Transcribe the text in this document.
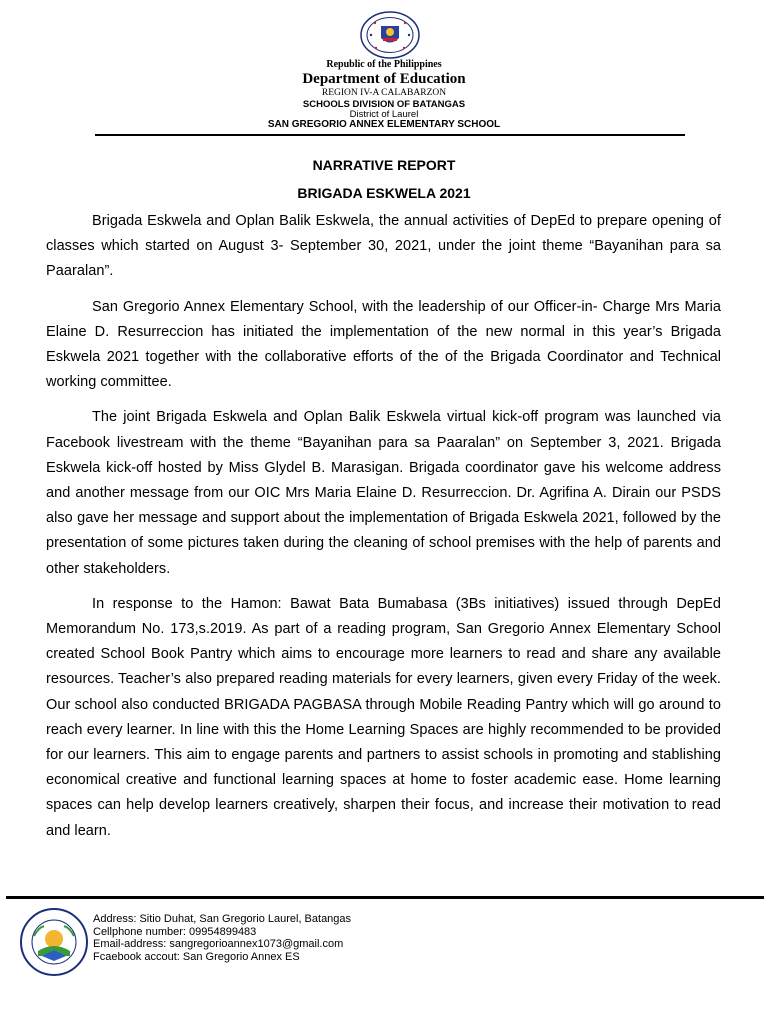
Republic of the Philippines
Department of Education
REGION IV-A CALABARZON
SCHOOLS DIVISION OF BATANGAS
District of Laurel
SAN GREGORIO ANNEX ELEMENTARY SCHOOL
NARRATIVE REPORT
BRIGADA ESKWELA 2021

Brigada Eskwela and Oplan Balik Eskwela, the annual activities of DepEd to prepare opening of classes which started on August 3- September 30, 2021, under the joint theme “Bayanihan para sa Paaralan”.

San Gregorio Annex Elementary School, with the leadership of our Officer-in- Charge Mrs Maria Elaine D. Resurreccion has initiated the implementation of the new normal in this year’s Brigada Eskwela 2021 together with the collaborative efforts of the of the Brigada Coordinator and Technical working committee.

The joint Brigada Eskwela and Oplan Balik Eskwela virtual kick-off program was launched via Facebook livestream with the theme “Bayanihan para sa Paaralan” on September 3, 2021. Brigada Eskwela kick-off hosted by Miss Glydel B. Marasigan. Brigada coordinator gave his welcome address and another message from our OIC Mrs Maria Elaine D. Resurreccion. Dr. Agrifina A. Dirain our PSDS also gave her message and support about the implementation of Brigada Eskwela 2021, followed by the presentation of some pictures taken during the cleaning of school premises with the help of parents and other stakeholders.

In response to the Hamon: Bawat Bata Bumabasa (3Bs initiatives) issued through DepEd Memorandum No. 173,s.2019. As part of a reading program, San Gregorio Annex Elementary School created School Book Pantry which aims to encourage more learners to read and share any available resources. Teacher’s also prepared reading materials for every learners, given every Friday of the week. Our school also conducted BRIGADA PAGBASA through Mobile Reading Pantry which will go around to reach every learner. In line with this the Home Learning Spaces are highly recommended to be provided for our learners. This aim to engage parents and partners to assist schools in promoting and stablishing economical creative and functional learning spaces at home to foster academic ease. Home learning spaces can help develop learners creatively, sharpen their focus, and increase their motivation to read and learn.

Address: Sitio Duhat, San Gregorio Laurel, Batangas
Cellphone number: 09954899483
Email-address: sangregorioannex1073@gmail.com
Fcaebook accout: San Gregorio Annex ES
